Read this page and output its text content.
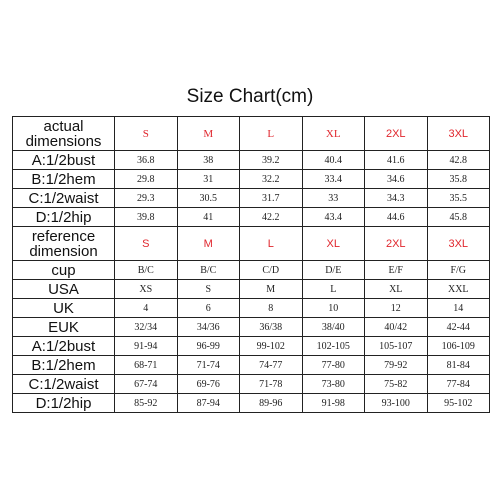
Size Chart(cm)
actual
dimensions	S	M	L	XL	2XL	3XL
A:1/2bust	36.8	38	39.2	40.4	41.6	42.8
B:1/2hem	29.8	31	32.2	33.4	34.6	35.8
C:1/2waist	29.3	30.5	31.7	33	34.3	35.5
D:1/2hip	39.8	41	42.2	43.4	44.6	45.8
reference
dimension	S	M	L	XL	2XL	3XL
cup	B/C	B/C	C/D	D/E	E/F	F/G
USA	XS	S	M	L	XL	XXL
UK	4	6	8	10	12	14
EUK	32/34	34/36	36/38	38/40	40/42	42-44
A:1/2bust	91-94	96-99	99-102	102-105	105-107	106-109
B:1/2hem	68-71	71-74	74-77	77-80	79-92	81-84
C:1/2waist	67-74	69-76	71-78	73-80	75-82	77-84
D:1/2hip	85-92	87-94	89-96	91-98	93-100	95-102
